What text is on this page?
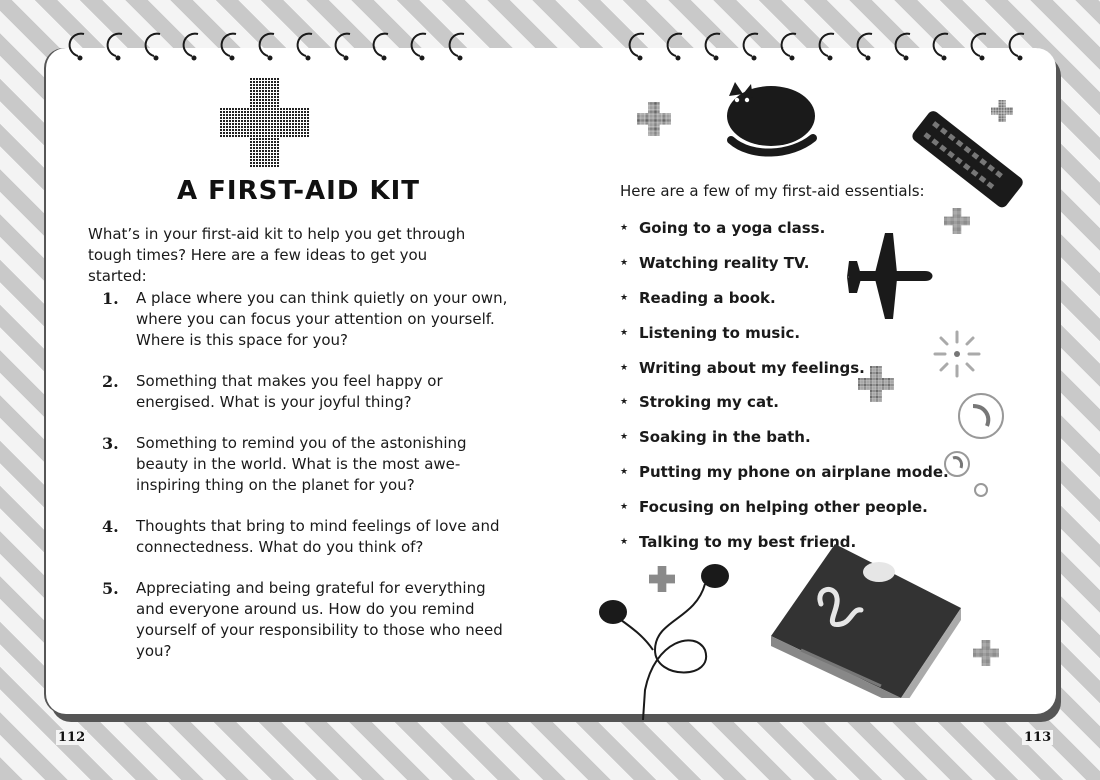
A FIRST-AID KIT
What’s in your first-aid kit to help you get through tough times? Here are a few ideas to get you started:
1.	A place where you can think quietly on your own, where you can focus your attention on yourself. Where is this space for you?
2.	Something that makes you feel happy or energised. What is your joyful thing?
3.	Something to remind you of the astonishing beauty in the world. What is the most awe-inspiring thing on the planet for you?
4.	Thoughts that bring to mind feelings of love and connectedness. What do you think of?
5.	Appreciating and being grateful for everything and everyone around us. How do you remind yourself of your responsibility to those who need you?
Here are a few of my first-aid essentials:
★ Going to a yoga class.
★ Watching reality TV.
★ Reading a book.
★ Listening to music.
★ Writing about my feelings.
★ Stroking my cat.
★ Soaking in the bath.
★ Putting my phone on airplane mode.
★ Focusing on helping other people.
★ Talking to my best friend.
112	113
